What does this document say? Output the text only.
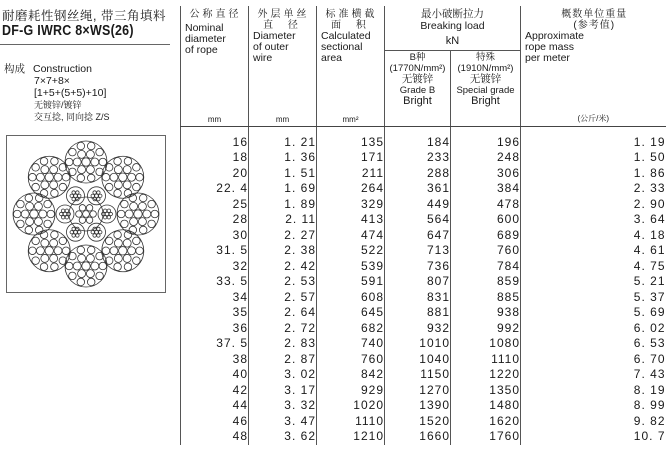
耐磨耗性钢丝绳, 带三角填料
DF-G IWRC 8×WS(26)
构成 Construction
7×7+8×
[1+5+(5+5)+10]
无镀锌/镀锌
交互捻, 同向捻 Z/S
公称直径
Nominal
diameter
of rope	外层单丝
直 径
Diameter
of outer
wire	标准横截
面 积
Calculated
sectional
area	最小破断拉力
Breaking load		概数单位重量
(参考值)
Approximate
rope mass
per meter
			kN		
			B种(1770N/mm²)
无镀锌
Grade B
Bright	特殊(1910N/mm²)
无镀锌
Special grade
Bright	
mm	mm	mm²			(公斤/米)
16	1. 21	135	184	196	1. 19
18	1. 36	171	233	248	1. 50
20	1. 51	211	288	306	1. 86
22. 4	1. 69	264	361	384	2. 33
25	1. 89	329	449	478	2. 90
28	2. 11	413	564	600	3. 64
30	2. 27	474	647	689	4. 18
31. 5	2. 38	522	713	760	4. 61
32	2. 42	539	736	784	4. 75
33. 5	2. 53	591	807	859	5. 21
34	2. 57	608	831	885	5. 37
35	2. 64	645	881	938	5. 69
36	2. 72	682	932	992	6. 02
37. 5	2. 83	740	1010	1080	6. 53
38	2. 87	760	1040	1110	6. 70
40	3. 02	842	1150	1220	7. 43
42	3. 17	929	1270	1350	8. 19
44	3. 32	1020	1390	1480	8. 99
46	3. 47	1110	1520	1620	9. 82
48	3. 62	1210	1660	1760	10. 7
